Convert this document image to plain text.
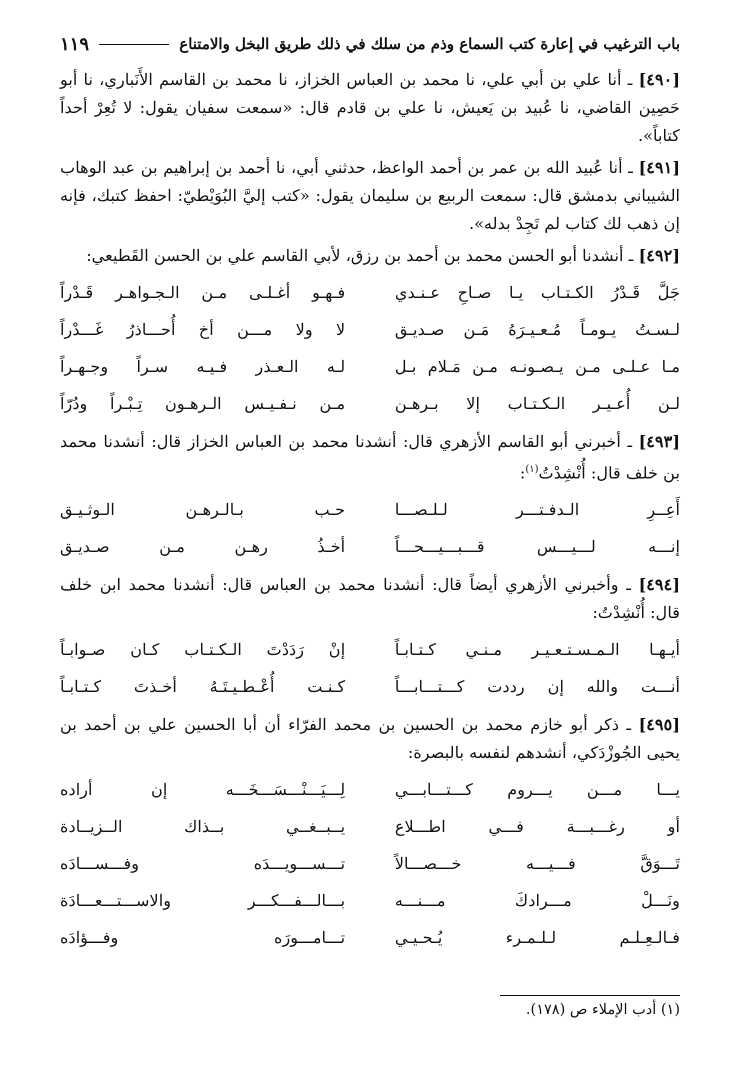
باب الترغيب في إعارة كتب السماع وذم من سلك في ذلك طريق البخل والامتناع
١١٩

[٤٩٠] ـ أنا علي بن أبي علي، نا محمد بن العباس الخزاز، نا محمد بن القاسم الأَنَباري، نا أبو حَصِين القاضي، نا عُبيد بن يَعيش، نا علي بن قادم قال: «سمعت سفيان يقول: لا تُعِرْ أحداً كتاباً».

[٤٩١] ـ أنا عُبيد الله بن عمر بن أحمد الواعظ، حدثني أبي، نا أحمد بن إبراهيم بن عبد الوهاب الشيباني بدمشق قال: سمعت الربيع بن سليمان يقول: «كتب إليَّ البُوَيْطيّ: احفظ كتبك، فإنه إن ذهب لك كتاب لم تَجِدْ بدله».

[٤٩٢] ـ أنشدنا أبو الحسن محمد بن أحمد بن رزق، لأبي القاسم علي بن الحسن القَطيعي:

جَلَّ قَـدْرُ الكـتـاب يـا صـاحِ عـنـدي
فـهـو أغـلـى مـن الـجـواهـر قَـدْراً
لـسـتُ يـومـاً مُـعـيـرَهُ مَـن صـديـق
لا ولا مـــن أخ أُحـــاذرُ غَـــدْراً
مـا عـلـى مـن يـصـونـه مـن مَـلام بـل
لـه الـعـذر فـيـه سـراً وجـهـراً
لـن أُعـيـر الـكـتـاب إلا بـرهـن
مـن نـفـيـس الـرهـون تِـبْـراً ودُرّاً

[٤٩٣] ـ أخبرني أبو القاسم الأزهري قال: أنشدنا محمد بن العباس الخزاز قال: أنشدنا محمد بن خلف قال: أُنْشِدْتُ$^{(١)}$:

أَعِــرِ الـدفـتـــر لـلـصـــا
حـب بـالـرهـن الـوثـيـق
إنـــه لـــيـــس قـــبـــيـــحـــاً
أخـذُ رهـن مـن صـديـق

[٤٩٤] ـ وأخبرني الأزهري أيضاً قال: أنشدنا محمد بن العباس قال: أنشدنا محمد ابن خلف قال: أُنْشِدْتُ:

أيـهـا الـمـسـتـعـيـر مـنـي كـتـابـاً
إنْ رَدَدْتَ الـكـتـاب كـان صـوابـاً
أنـــت والله إن رددت كـــتـــابـــاً
كـنـت أُعْـطـيـتَـهُ أخـذتَ كـتـابـاً

[٤٩٥] ـ ذكر أبو خازم محمد بن الحسين بن محمد الفرّاء أن أبا الحسين علي بن أحمد بن يحيى الجُوزْدَكي، أنشدهم لنفسه بالبصرة:

يـــا مـــن يـــروم كـــتـــابـــي
لِـــيَـــنْـــسَـــخَـــه إن أراده
أو رغـــبـــة فـــي اطـــلاع
يــبــغــي بــذاك الــزيــادة
تَـــوَقَّ فـــيـــه خـــصـــالاً
تـــســـويـــدَه وفـــســـادَه
ونَـــلْ مـــرادكَ مـــنـــه
بـــالـــفـــكـــر والاســـتـــعـــادَة
فـالـعِـلـم لـلـمـرء يُـحـيـي
تـــامـــورَه وفـــؤادَه
(١) أدب الإملاء ص (١٧٨).
